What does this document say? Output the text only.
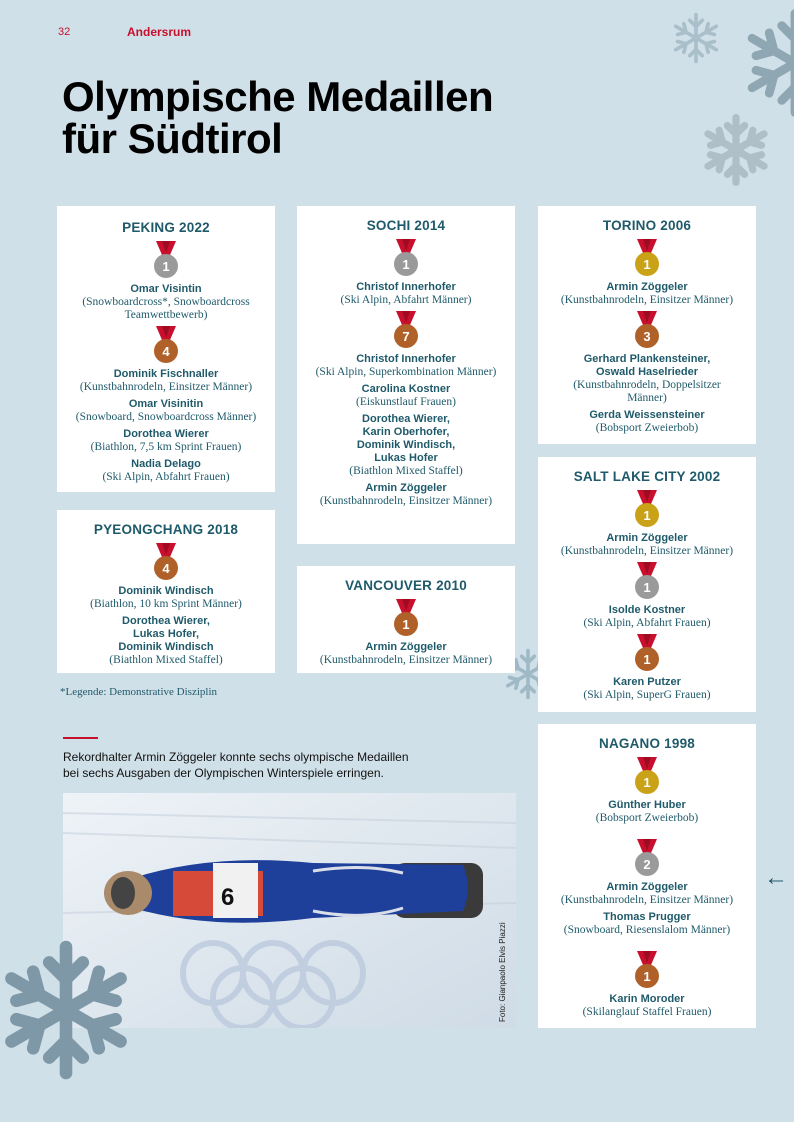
32	Andersrum
Olympische Medaillen
für Südtirol
PEKING 2022
1
Omar Visintin
(Snowboardcross*, Snowboardcross Teamwettbewerb)
4
Dominik Fischnaller
(Kunstbahnrodeln, Einsitzer Männer)
Omar Visinitin
(Snowboard, Snowboardcross Männer)
Dorothea Wierer
(Biathlon, 7,5 km Sprint Frauen)
Nadia Delago
(Ski Alpin, Abfahrt Frauen)
PYEONGCHANG 2018
4
Dominik Windisch
(Biathlon, 10 km Sprint Männer)
Dorothea Wierer,
Lukas Hofer,
Dominik Windisch
(Biathlon Mixed Staffel)
SOCHI 2014
1
Christof Innerhofer
(Ski Alpin, Abfahrt Männer)
7
Christof Innerhofer
(Ski Alpin, Superkombination Männer)
Carolina Kostner
(Eiskunstlauf Frauen)
Dorothea Wierer,
Karin Oberhofer,
Dominik Windisch,
Lukas Hofer
(Biathlon Mixed Staffel)
Armin Zöggeler
(Kunstbahnrodeln, Einsitzer Männer)
VANCOUVER 2010
1
Armin Zöggeler
(Kunstbahnrodeln, Einsitzer Männer)
TORINO 2006
1
Armin Zöggeler
(Kunstbahnrodeln, Einsitzer Männer)
3
Gerhard Plankensteiner,
Oswald Haselrieder
(Kunstbahnrodeln, Doppelsitzer Männer)
Gerda Weissensteiner
(Bobsport Zweierbob)
SALT LAKE CITY 2002
1
Armin Zöggeler
(Kunstbahnrodeln, Einsitzer Männer)
1
Isolde Kostner
(Ski Alpin, Abfahrt Frauen)
1
Karen Putzer
(Ski Alpin, SuperG Frauen)
NAGANO 1998
1
Günther Huber
(Bobsport Zweierbob)
2
Armin Zöggeler
(Kunstbahnrodeln, Einsitzer Männer)
Thomas Prugger
(Snowboard, Riesenslalom Männer)
1
Karin Moroder
(Skilanglauf Staffel Frauen)
*Legende: Demonstrative Disziplin
Rekordhalter Armin Zöggeler konnte sechs olympische Medaillen bei sechs Ausgaben der Olympischen Winterspiele erringen.
6
Foto: Gianpaolo Elvis Piazzi
←
